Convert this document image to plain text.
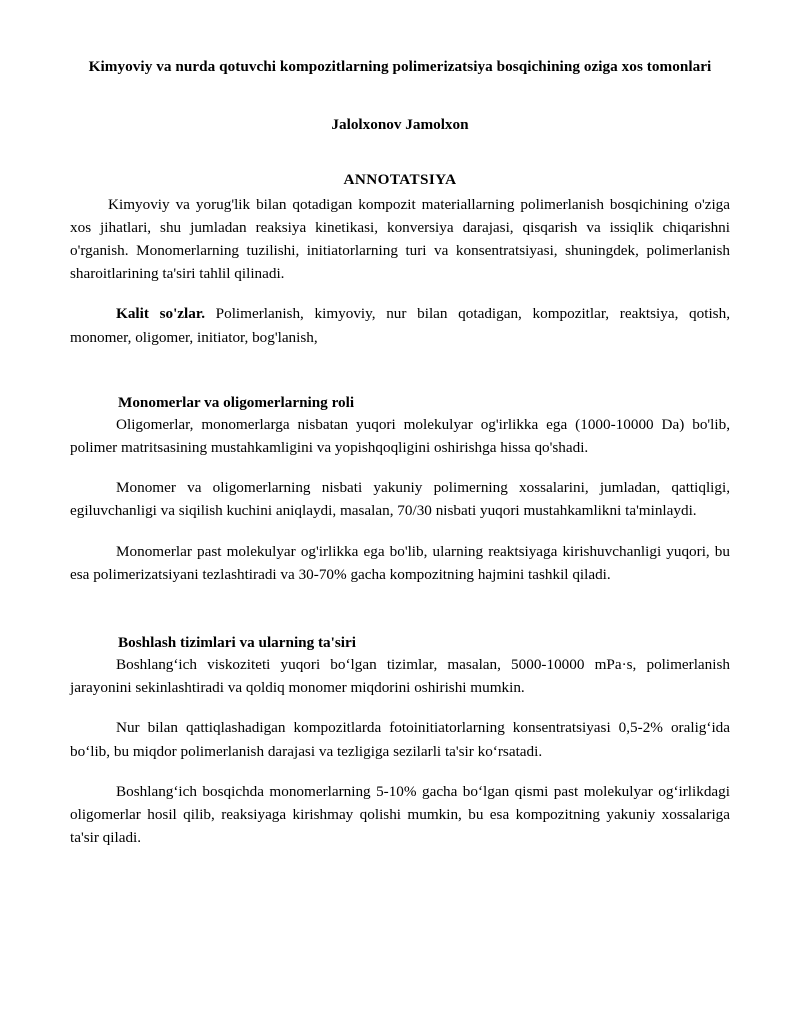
Kimyoviy va nurda qotuvchi kompozitlarning polimerizatsiya bosqichining oziga xos tomonlari

Jalolxonov Jamolxon

ANNOTATSIYA

Kimyoviy va yorug'lik bilan qotadigan kompozit materiallarning polimerlanish bosqichining o'ziga xos jihatlari, shu jumladan reaksiya kinetikasi, konversiya darajasi, qisqarish va issiqlik chiqarishni o'rganish. Monomerlarning tuzilishi, initiatorlarning turi va konsentratsiyasi, shuningdek, polimerlanish sharoitlarining ta'siri tahlil qilinadi.

Kalit so'zlar. Polimerlanish, kimyoviy, nur bilan qotadigan, kompozitlar, reaktsiya, qotish, monomer, oligomer, initiator, bog'lanish,

Monomerlar va oligomerlarning roli

Oligomerlar, monomerlarga nisbatan yuqori molekulyar og'irlikka ega (1000-10000 Da) bo'lib, polimer matritsasining mustahkamligini va yopishqoqligini oshirishga hissa qo'shadi.

Monomer va oligomerlarning nisbati yakuniy polimerning xossalarini, jumladan, qattiqligi, egiluvchanligi va siqilish kuchini aniqlaydi, masalan, 70/30 nisbati yuqori mustahkamlikni ta'minlaydi.

Monomerlar past molekulyar og'irlikka ega bo'lib, ularning reaktsiyaga kirishuvchanligi yuqori, bu esa polimerizatsiyani tezlashtiradi va 30-70% gacha kompozitning hajmini tashkil qiladi.

Boshlash tizimlari va ularning ta'siri

Boshlangʻich viskoziteti yuqori boʻlgan tizimlar, masalan, 5000-10000 mPa·s, polimerlanish jarayonini sekinlashtiradi va qoldiq monomer miqdorini oshirishi mumkin.

Nur bilan qattiqlashadigan kompozitlarda fotoinitiatorlarning konsentratsiyasi 0,5-2% oraligʻida boʻlib, bu miqdor polimerlanish darajasi va tezligiga sezilarli ta'sir koʻrsatadi.

Boshlangʻich bosqichda monomerlarning 5-10% gacha boʻlgan qismi past molekulyar ogʻirlikdagi oligomerlar hosil qilib, reaksiyaga kirishmay qolishi mumkin, bu esa kompozitning yakuniy xossalariga ta'sir qiladi.
